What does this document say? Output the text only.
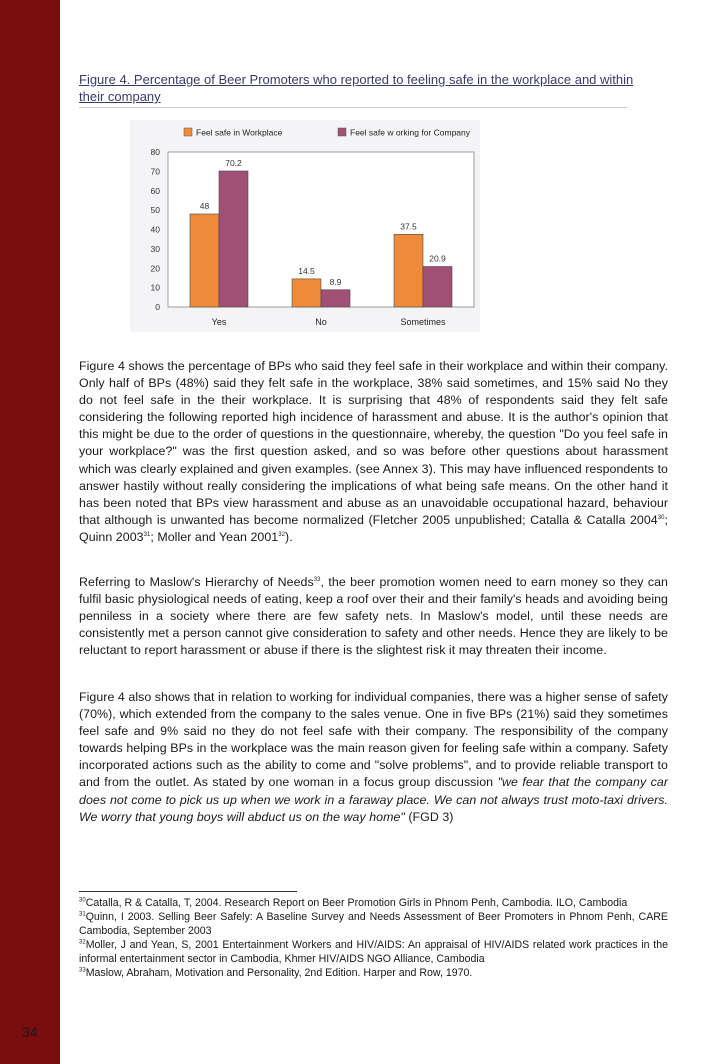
34
Figure 4. Percentage of Beer Promoters who reported to feeling safe in the workplace and within their company
Feel safe in Workplace	Feel safe w orking for Company
0
10
20
30
40
50
60
70
80
48
70.2
14.5
8.9
37.5
20.9
Yes	No	Sometimes
Figure 4 shows the percentage of BPs who said they feel safe in their workplace and within their company. Only half of BPs (48%) said they felt safe in the workplace, 38% said sometimes, and 15% said No they do not feel safe in the their workplace. It is surprising that 48% of respondents said they felt safe considering the following reported high incidence of harassment and abuse. It is the author's opinion that this might be due to the order of questions in the questionnaire, whereby, the question "Do you feel safe in your workplace?" was the first question asked, and so was before other questions about harassment which was clearly explained and given examples. (see Annex 3). This may have influenced respondents to answer hastily without really considering the implications of what being safe means. On the other hand it has been noted that BPs view harassment and abuse as an unavoidable occupational hazard, behaviour that although is unwanted has become normalized (Fletcher 2005 unpublished; Catalla & Catalla 2004$^{30}$; Quinn 2003$^{31}$; Moller and Yean 2001$^{32}$).
Referring to Maslow's Hierarchy of Needs$^{33}$, the beer promotion women need to earn money so they can fulfil basic physiological needs of eating, keep a roof over their and their family's heads and avoiding being penniless in a society where there are few safety nets. In Maslow's model, until these needs are consistently met a person cannot give consideration to safety and other needs. Hence they are likely to be reluctant to report harassment or abuse if there is the slightest risk it may threaten their income.
Figure 4 also shows that in relation to working for individual companies, there was a higher sense of safety (70%), which extended from the company to the sales venue. One in five BPs (21%) said they sometimes feel safe and 9% said no they do not feel safe with their company. The responsibility of the company towards helping BPs in the workplace was the main reason given for feeling safe within a company. Safety incorporated actions such as the ability to come and "solve problems", and to provide reliable transport to and from the outlet. As stated by one woman in a focus group discussion "we fear that the company car does not come to pick us up when we work in a faraway place. We can not always trust moto-taxi drivers. We worry that young boys will abduct us on the way home" (FGD 3)
$^{30}$Catalla, R & Catalla, T, 2004. Research Report on Beer Promotion Girls in Phnom Penh, Cambodia. ILO, Cambodia
$^{31}$Quinn, I 2003. Selling Beer Safely: A Baseline Survey and Needs Assessment of Beer Promoters in Phnom Penh, CARE Cambodia, September 2003
$^{32}$Moller, J and Yean, S, 2001 Entertainment Workers and HIV/AIDS: An appraisal of HIV/AIDS related work practices in the informal entertainment sector in Cambodia, Khmer HIV/AIDS NGO Alliance, Cambodia
$^{33}$Maslow, Abraham, Motivation and Personality, 2nd Edition. Harper and Row, 1970.
